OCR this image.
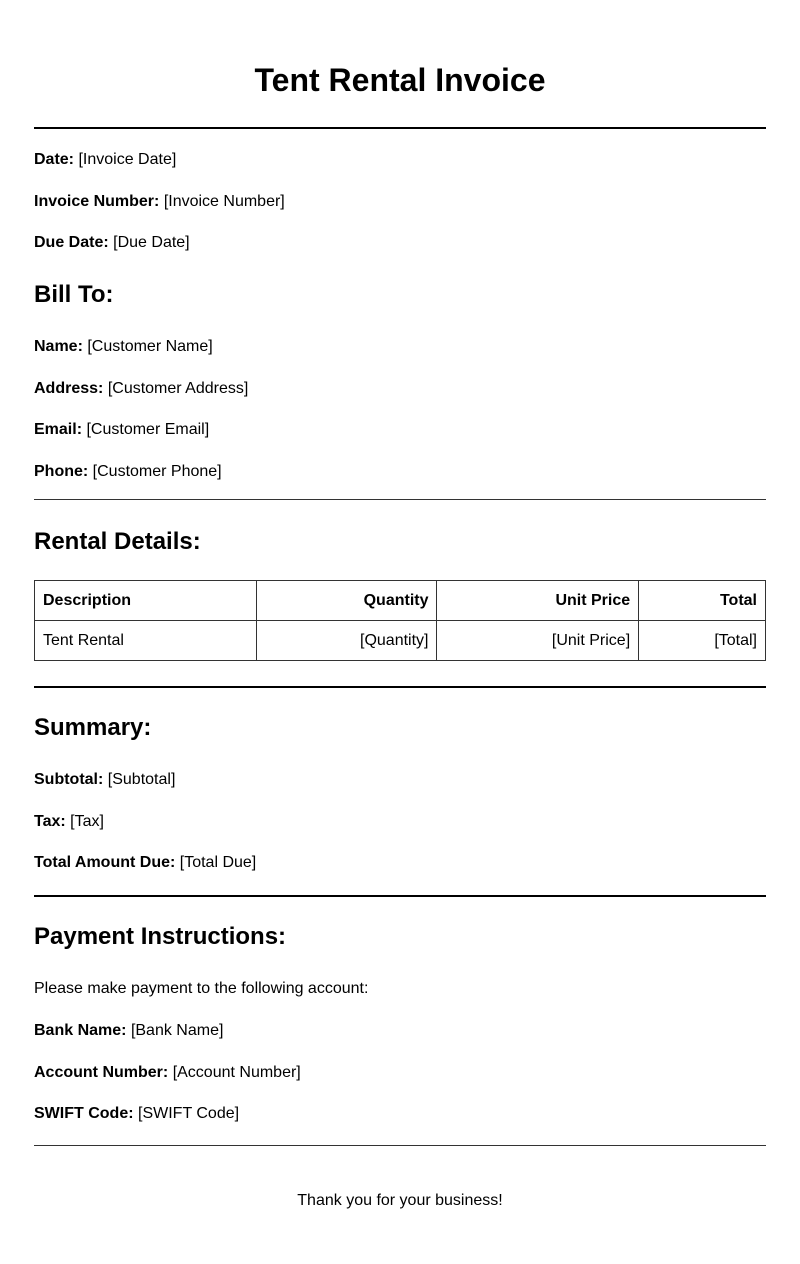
Tent Rental Invoice
Date: [Invoice Date]
Invoice Number: [Invoice Number]
Due Date: [Due Date]
Bill To:
Name: [Customer Name]
Address: [Customer Address]
Email: [Customer Email]
Phone: [Customer Phone]
Rental Details:
Description	Quantity	Unit Price	Total
Tent Rental	[Quantity]	[Unit Price]	[Total]
Summary:
Subtotal: [Subtotal]
Tax: [Tax]
Total Amount Due: [Total Due]
Payment Instructions:
Please make payment to the following account:
Bank Name: [Bank Name]
Account Number: [Account Number]
SWIFT Code: [SWIFT Code]
Thank you for your business!
